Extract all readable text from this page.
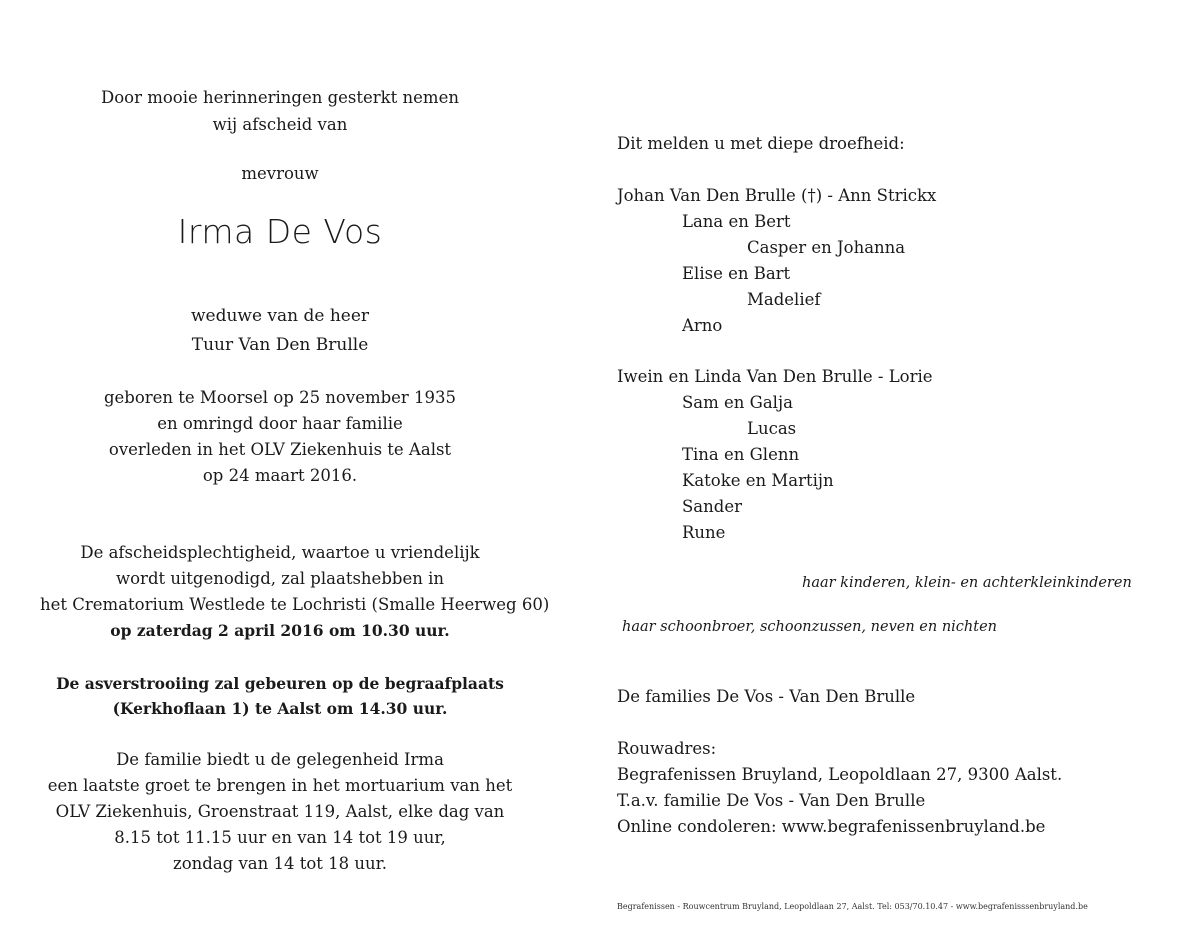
Door mooie herinneringen gesterkt nemen
wij afscheid van
mevrouw
Irma De Vos
weduwe van de heer
Tuur Van Den Brulle
geboren te Moorsel op 25 november 1935
en omringd door haar familie
overleden in het OLV Ziekenhuis te Aalst
op 24 maart 2016.
De afscheidsplechtigheid, waartoe u vriendelijk
wordt uitgenodigd, zal plaatshebben in
het Crematorium Westlede te Lochristi (Smalle Heerweg 60)
op zaterdag 2 april 2016 om 10.30 uur.
De asverstrooiing zal gebeuren op de begraafplaats
(Kerkhoflaan 1) te Aalst om 14.30 uur.
De familie biedt u de gelegenheid Irma
een laatste groet te brengen in het mortuarium van het
OLV Ziekenhuis, Groenstraat 119, Aalst, elke dag van
8.15 tot 11.15 uur en van 14 tot 19 uur,
zondag van 14 tot 18 uur.
Dit melden u met diepe droefheid:
Johan Van Den Brulle (†) - Ann Strickx
Lana en Bert
Casper en Johanna
Elise en Bart
Madelief
Arno
Iwein en Linda Van Den Brulle - Lorie
Sam en Galja
Lucas
Tina en Glenn
Katoke en Martijn
Sander
Rune
haar kinderen, klein- en achterkleinkinderen
haar schoonbroer, schoonzussen, neven en nichten
De families De Vos - Van Den Brulle
Rouwadres:
Begrafenissen Bruyland, Leopoldlaan 27, 9300 Aalst.
T.a.v. familie De Vos - Van Den Brulle
Online condoleren: www.begrafenissenbruyland.be
Begrafenissen - Rouwcentrum Bruyland, Leopoldlaan 27, Aalst. Tel: 053/70.10.47 - www.begrafenisssenbruyland.be
